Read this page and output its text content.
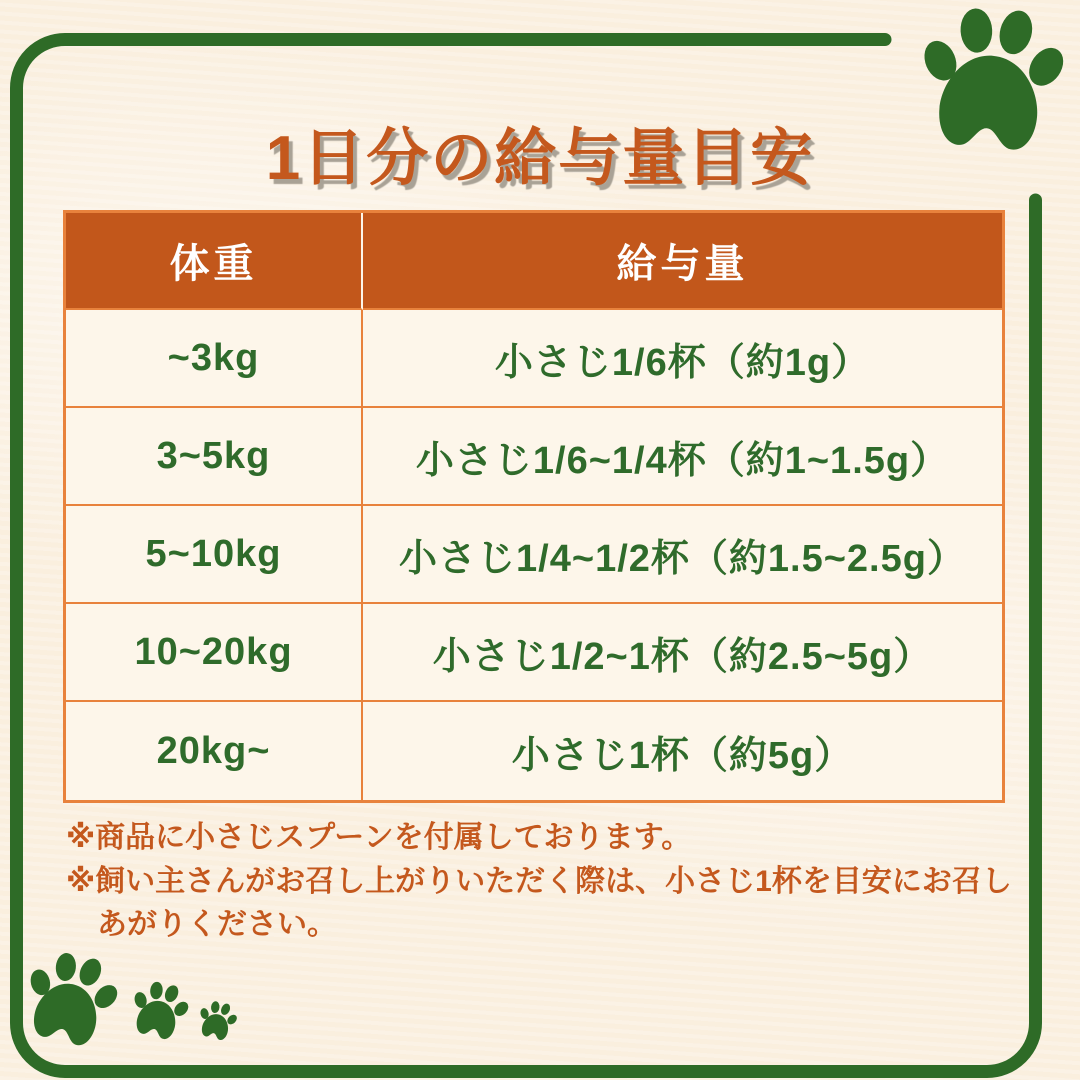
1日分の給与量目安
体重	給与量
~3kg	小さじ1/6杯（約1g）
3~5kg	小さじ1/6~1/4杯（約1~1.5g）
5~10kg	小さじ1/4~1/2杯（約1.5~2.5g）
10~20kg	小さじ1/2~1杯（約2.5~5g）
20kg~	小さじ1杯（約5g）
※商品に小さじスプーンを付属しております。
※飼い主さんがお召し上がりいただく際は、小さじ1杯を目安にお召し
あがりください。
